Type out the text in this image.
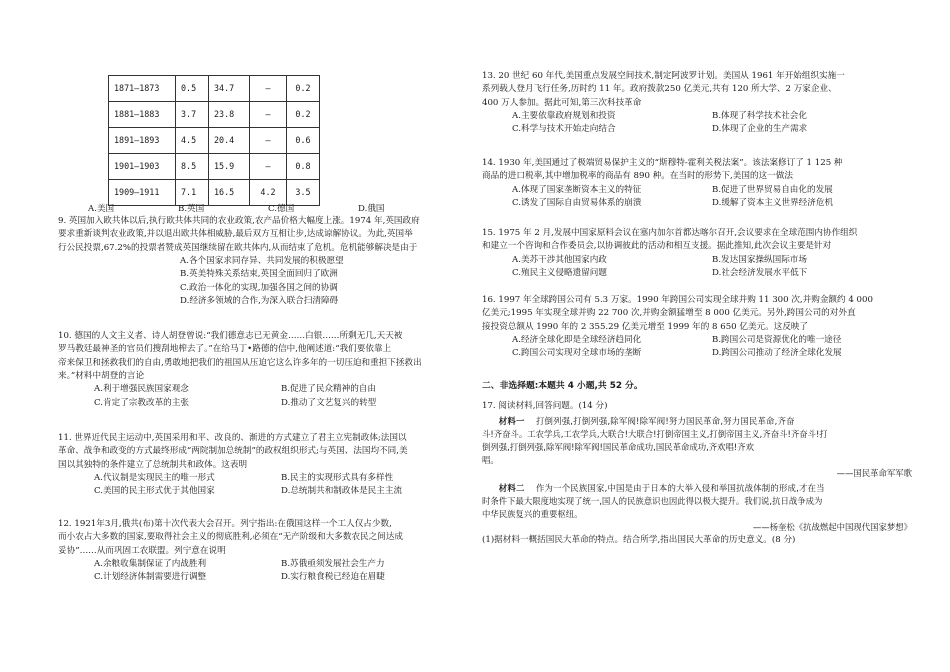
1871—1873	0.5	34.7	—	0.2
1881—1883	3.7	23.8	—	0.2
1891—1893	4.5	20.4	—	0.6
1901—1903	8.5	15.9	—	0.8
1909—1911	7.1	16.5	4.2	3.5
A.美国	B.英国	C.德国	D.俄国

9. 英国加入欧共体以后,执行欧共体共同的农业政策,农产品价格大幅度上涨。1974 年,英国政府

要求重新谈判农业政策,并以退出欧共体相威胁,最后双方互相让步,达成谅解协议。为此,英国举

行公民投票,67.2%的投票者赞成英国继续留在欧共体内,从而结束了危机。危机能够解决是由于

A.各个国家求同存异、共同发展的积极愿望

B.英美特殊关系结束,英国全面回归了欧洲

C.政治一体化的实现,加强各国之间的协调

D.经济多领域的合作,为深入联合扫清障碍

10. 德国的人文主义者、诗人胡登曾说:“我们德意志已无黄金……白银……所剩无几,天天被

罗马教廷最神圣的官员们搜刮地榨去了。”在给马丁•路德的信中,他阐述道:“我们要依靠上

帝来保卫和拯救我们的自由,勇敢地把我们的祖国从压迫它这么许多年的一切压迫和重担下拯救出

来。”材料中胡登的言论

A.利于增强民族国家观念	B.促进了民众精神的自由
C.肯定了宗教改革的主张	D.推动了文艺复兴的转型

11. 世界近代民主运动中,英国采用和平、改良的、渐进的方式建立了君主立宪制政体;法国以

革命、战争和政变的方式最终形成“两院制加总统制”的政权组织形式;与英国、法国均不同,美

国以其独特的条件建立了总统制共和政体。这表明

A.代议制是实现民主的唯一形式	B.民主的实现形式具有多样性
C.美国的民主形式优于其他国家	D.总统制共和制政体是民主主流

12. 1921年3月,俄共(布)第十次代表大会召开。列宁指出:在俄国这样一个工人仅占少数,

而小农占大多数的国家,要取得社会主义的彻底胜利,必须在“无产阶级和大多数农民之间达成

妥协”……从而巩固工农联盟。列宁意在说明

A.余粮收集制保证了内战胜利	B.苏俄亟须发展社会生产力
C.计划经济体制需要进行调整	D.实行粮食税已经迫在眉睫

13. 20 世纪 60 年代,美国重点发展空间技术,制定阿波罗计划。美国从 1961 年开始组织实施一

系列载人登月飞行任务,历时约 11 年。政府拨款250 亿美元,共有 120 所大学、2 万家企业、

400 万人参加。据此可知,第三次科技革命

A.主要依靠政府规划和投资	B.体现了科学技术社会化
C.科学与技术开始走向结合	D.体现了企业的生产需求

14. 1930 年,美国通过了极端贸易保护主义的“斯穆特-霍利关税法案”。该法案修订了 1 125 种

商品的进口税率,其中增加税率的商品有 890 种。在当时的形势下,美国的这一做法

A.体现了国家垄断资本主义的特征	B.促进了世界贸易自由化的发展
C.诱发了国际自由贸易体系的崩溃	D.缓解了资本主义世界经济危机

15. 1975 年 2 月,发展中国家原料会议在塞内加尔首都达喀尔召开,会议要求在全球范围内协作组织

和建立一个咨询和合作委员会,以协调彼此的活动和相互支援。据此推知,此次会议主要是针对

A.美苏干涉其他国家内政	B.发达国家操纵国际市场
C.殖民主义侵略遗留问题	D.社会经济发展水平低下

16. 1997 年全球跨国公司有 5.3 万家。1990 年跨国公司实现全球并购 11 300 次,并购金额约 4 000

亿美元;1995 年实现全球并购 22 700 次,并购金额猛增至 8 000 亿美元。另外,跨国公司的对外直

接投资总额从 1990 年的 2 355.29 亿美元增至 1999 年的 8 650 亿美元。这反映了

A.经济全球化即是全球经济趋同化	B.跨国公司是资源优化的唯一途径
C.跨国公司实现对全球市场的垄断	D.跨国公司推动了经济全球化发展

二、非选择题:本题共 4 小题,共 52 分。

17. 阅读材料,回答问题。(14 分)

材料一 打倒列强,打倒列强,除军阀!除军阀!努力国民革命,努力国民革命,齐奋

斗!齐奋斗。工农学兵,工农学兵,大联合!大联合!打倒帝国主义,打倒帝国主义,齐奋斗!齐奋斗!打

倒列强,打倒列强,除军阀!除军阀!国民革命成功,国民革命成功,齐欢唱!齐欢

唱。

——国民革命军军歌

材料二 作为一个民族国家,中国是由于日本的大举入侵和举国抗战体制的形成,才在当

时条件下最大限度地实现了统一,国人的民族意识也因此得以极大提升。我们说,抗日战争成为

中华民族复兴的重要枢纽。

——杨奎松《抗战燃起中国现代国家梦想》

(1)据材料一概括国民大革命的特点。结合所学,指出国民大革命的历史意义。(8 分)
